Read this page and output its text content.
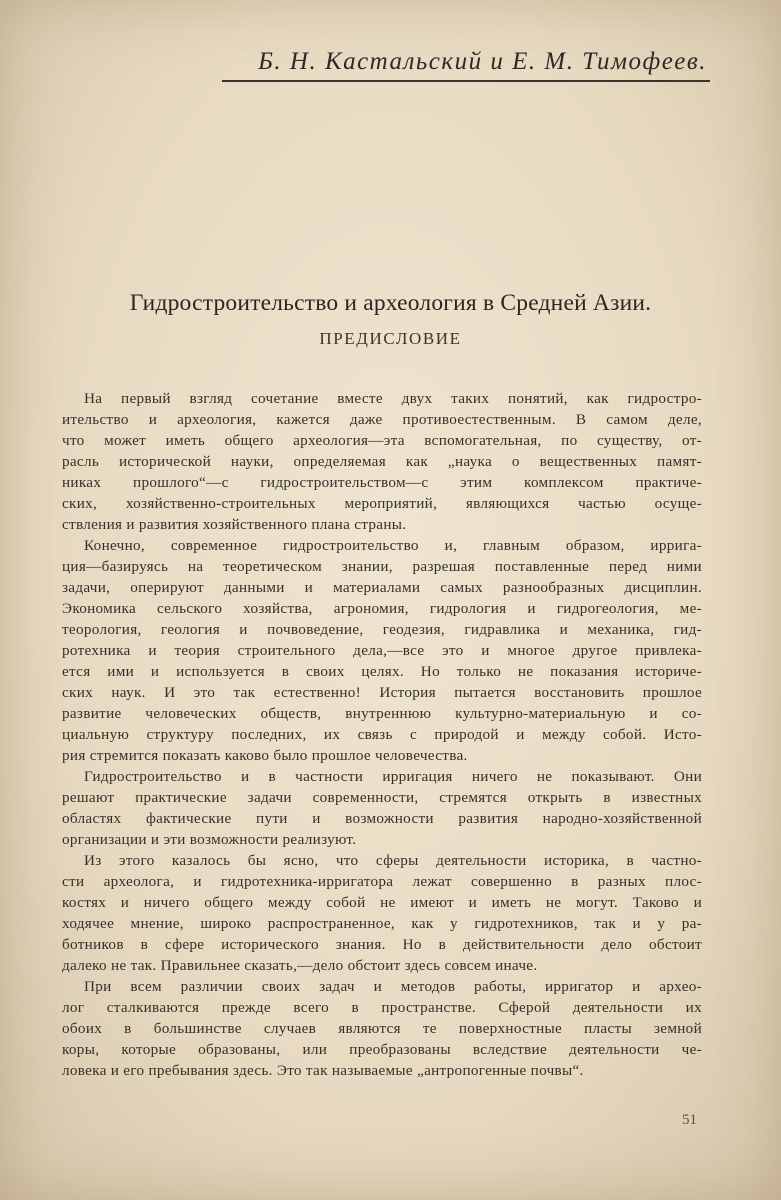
Б. Н. Кастальский и Е. М. Тимофеев.
Гидростроительство и археология в Средней Азии.
ПРЕДИСЛОВИЕ
На первый взгляд сочетание вместе двух таких понятий, как гидростро-
ительство и археология, кажется даже противоестественным. В самом деле,
что может иметь общего археология—эта вспомогательная, по существу, от-
расль исторической науки, определяемая как „наука о вещественных памят-
никах прошлого“—с гидростроительством—с этим комплексом практиче-
ских, хозяйственно-строительных мероприятий, являющихся частью осуще-
ствления и развития хозяйственного плана страны.
Конечно, современное гидростроительство и, главным образом, ирригa-
ция—базируясь на теоретическом знании, разрешая поставленные перед ними
задачи, оперируют данными и материалами самых разнообразных дисциплин.
Экономика сельского хозяйства, агрономия, гидрология и гидрогеология, ме-
теорология, геология и почвоведение, геодезия, гидравлика и механика, гид-
ротехника и теория строительного дела,—все это и многое другое привлека-
ется ими и используется в своих целях. Но только не показания историче-
ских наук. И это так естественно! История пытается восстановить прошлое
развитие человеческих обществ, внутреннюю культурно-материальную и со-
циальную структуру последних, их связь с природой и между собой. Исто-
рия стремится показать каково было прошлое человечества.
Гидростроительство и в частности ирригация ничего не показывают. Они
решают практические задачи современности, стремятся открыть в известных
областях фактические пути и возможности развития народно-хозяйственной
организации и эти возможности реализуют.
Из этого казалось бы ясно, что сферы деятельности историка, в частно-
сти археолога, и гидротехника-ирригатора лежат совершенно в разных плос-
костях и ничего общего между собой не имеют и иметь не могут. Таково и
ходячее мнение, широко распространенное, как у гидротехников, так и у ра-
ботников в сфере исторического знания. Но в действительности дело обстоит
далеко не так. Правильнее сказать,—дело обстоит здесь совсем иначе.
При всем различии своих задач и методов работы, ирригатор и архео-
лог сталкиваются прежде всего в пространстве. Сферой деятельности их
обоих в большинстве случаев являются те поверхностные пласты земной
коры, которые образованы, или преобразованы вследствие деятельности че-
ловека и его пребывания здесь. Это так называемые „антропогенные почвы“.
51
